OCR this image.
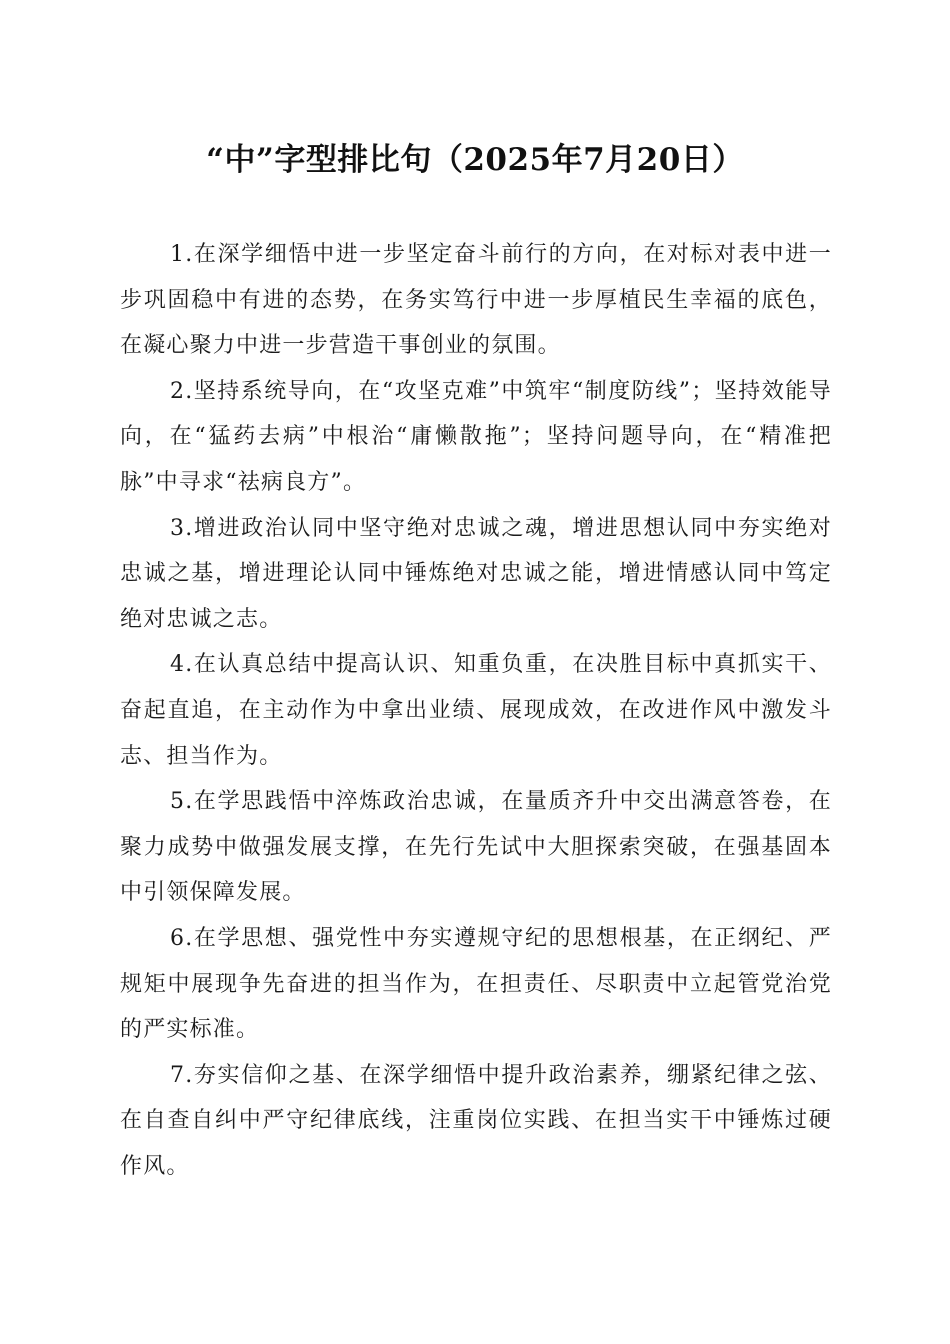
“中”字型排比句（2025年7月20日）

1.在深学细悟中进一步坚定奋斗前行的方向，在对标对表中进一步巩固稳中有进的态势，在务实笃行中进一步厚植民生幸福的底色，在凝心聚力中进一步营造干事创业的氛围。

2.坚持系统导向，在“攻坚克难”中筑牢“制度防线”；坚持效能导向，在“猛药去病”中根治“庸懒散拖”；坚持问题导向，在“精准把脉”中寻求“祛病良方”。

3.增进政治认同中坚守绝对忠诚之魂，增进思想认同中夯实绝对忠诚之基，增进理论认同中锤炼绝对忠诚之能，增进情感认同中笃定绝对忠诚之志。

4.在认真总结中提高认识、知重负重，在决胜目标中真抓实干、奋起直追，在主动作为中拿出业绩、展现成效，在改进作风中激发斗志、担当作为。

5.在学思践悟中淬炼政治忠诚，在量质齐升中交出满意答卷，在聚力成势中做强发展支撑，在先行先试中大胆探索突破，在强基固本中引领保障发展。

6.在学思想、强党性中夯实遵规守纪的思想根基，在正纲纪、严规矩中展现争先奋进的担当作为，在担责任、尽职责中立起管党治党的严实标准。

7.夯实信仰之基、在深学细悟中提升政治素养，绷紧纪律之弦、在自查自纠中严守纪律底线，注重岗位实践、在担当实干中锤炼过硬作风。
